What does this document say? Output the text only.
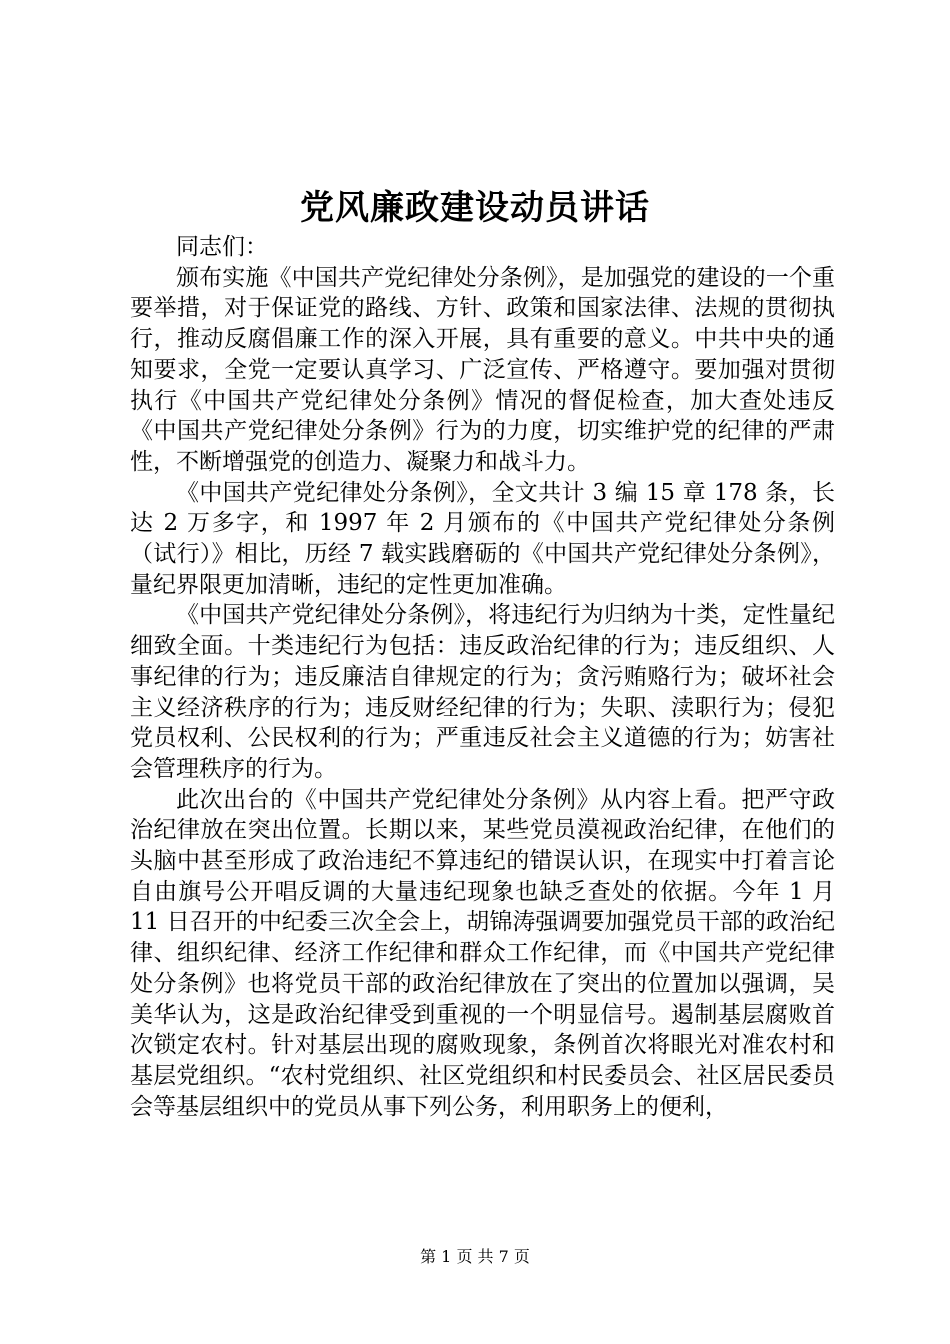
党风廉政建设动员讲话

同志们：

颁布实施《中国共产党纪律处分条例》，是加强党的建设的一个重要举措，对于保证党的路线、方针、政策和国家法律、法规的贯彻执行，推动反腐倡廉工作的深入开展，具有重要的意义。中共中央的通知要求，全党一定要认真学习、广泛宣传、严格遵守。要加强对贯彻执行《中国共产党纪律处分条例》情况的督促检查，加大查处违反《中国共产党纪律处分条例》行为的力度，切实维护党的纪律的严肃性，不断增强党的创造力、凝聚力和战斗力。

《中国共产党纪律处分条例》，全文共计 3 编 15 章 178 条，长达 2 万多字，和 1997 年 2 月颁布的《中国共产党纪律处分条例（试行）》相比，历经 7 载实践磨砺的《中国共产党纪律处分条例》，量纪界限更加清晰，违纪的定性更加准确。

《中国共产党纪律处分条例》，将违纪行为归纳为十类，定性量纪细致全面。十类违纪行为包括：违反政治纪律的行为；违反组织、人事纪律的行为；违反廉洁自律规定的行为；贪污贿赂行为；破坏社会主义经济秩序的行为；违反财经纪律的行为；失职、渎职行为；侵犯党员权利、公民权利的行为；严重违反社会主义道德的行为；妨害社会管理秩序的行为。

此次出台的《中国共产党纪律处分条例》从内容上看。把严守政治纪律放在突出位置。长期以来，某些党员漠视政治纪律，在他们的头脑中甚至形成了政治违纪不算违纪的错误认识，在现实中打着言论自由旗号公开唱反调的大量违纪现象也缺乏查处的依据。今年 1 月 11 日召开的中纪委三次全会上，胡锦涛强调要加强党员干部的政治纪律、组织纪律、经济工作纪律和群众工作纪律，而《中国共产党纪律处分条例》也将党员干部的政治纪律放在了突出的位置加以强调，吴美华认为，这是政治纪律受到重视的一个明显信号。遏制基层腐败首次锁定农村。针对基层出现的腐败现象，条例首次将眼光对准农村和基层党组织。“农村党组织、社区党组织和村民委员会、社区居民委员会等基层组织中的党员从事下列公务，利用职务上的便利，

第 1 页 共 7 页
